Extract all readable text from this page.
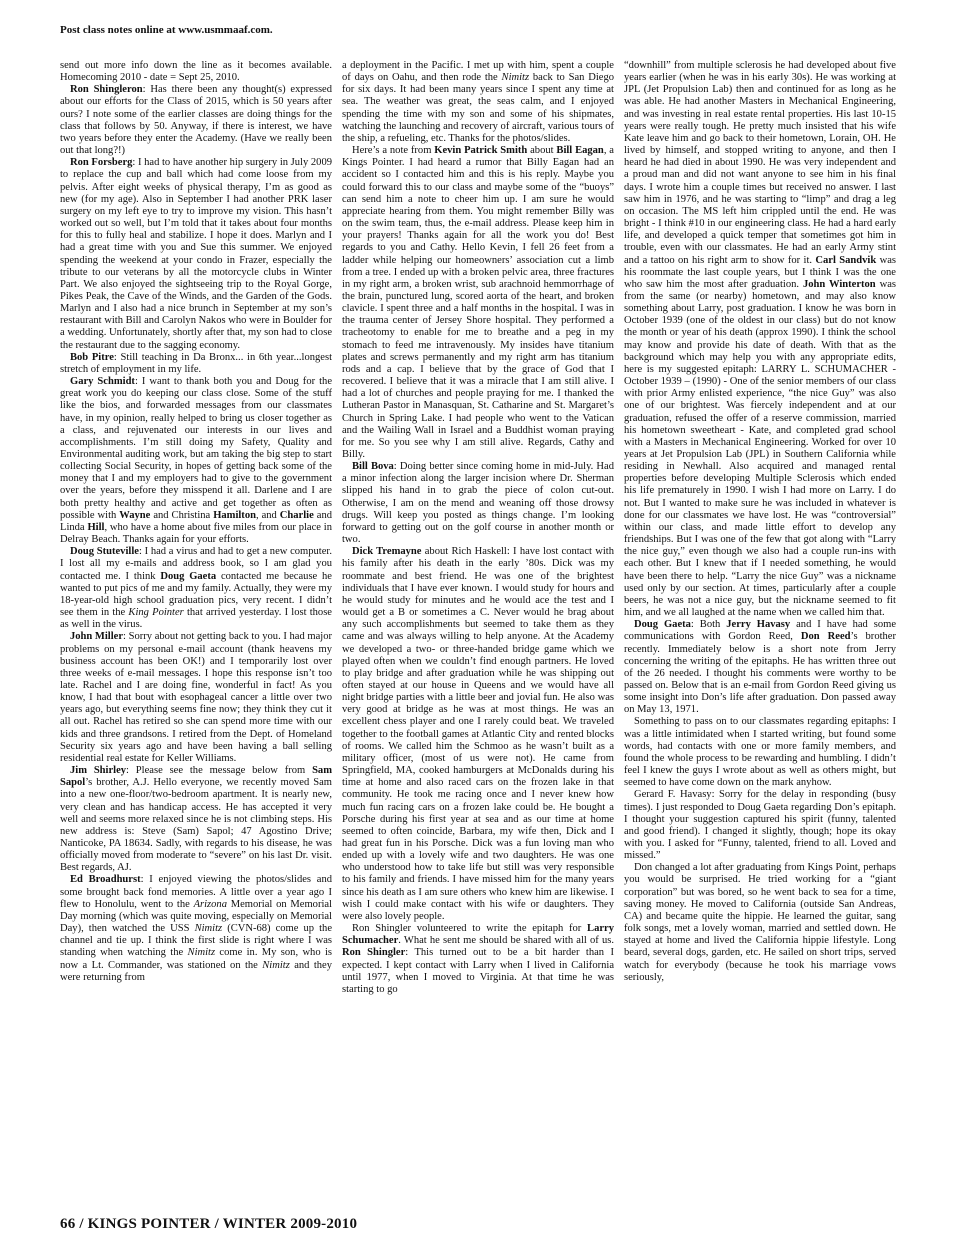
Post class notes online at www.usmmaaf.com.

send out more info down the line as it becomes available. Homecoming 2010 - date = Sept 25, 2010.

Ron Shingleron: Has there been any thought(s) expressed about our efforts for the Class of 2015, which is 50 years after ours? I note some of the earlier classes are doing things for the class that follows by 50. Anyway, if there is interest, we have two years before they enter the Academy. (Have we really been out that long?!)

Ron Forsberg: I had to have another hip surgery in July 2009 to replace the cup and ball which had come loose from my pelvis. After eight weeks of physical therapy, I’m as good as new (for my age). Also in September I had another PRK laser surgery on my left eye to try to improve my vision. This hasn’t worked out so well, but I’m told that it takes about four months for this to fully heal and stabilize. I hope it does. Marlyn and I had a great time with you and Sue this summer. We enjoyed spending the weekend at your condo in Frazer, especially the tribute to our veterans by all the motorcycle clubs in Winter Part. We also enjoyed the sightseeing trip to the Royal Gorge, Pikes Peak, the Cave of the Winds, and the Garden of the Gods. Marlyn and I also had a nice brunch in September at my son’s restaurant with Bill and Carolyn Nakos who were in Boulder for a wedding. Unfortunately, shortly after that, my son had to close the restaurant due to the sagging economy.

Bob Pitre: Still teaching in Da Bronx... in 6th year...longest stretch of employment in my life.

Gary Schmidt: I want to thank both you and Doug for the great work you do keeping our class close. Some of the stuff like the bios, and forwarded messages from our classmates have, in my opinion, really helped to bring us closer together as a class, and rejuvenated our interests in our lives and accomplishments. I’m still doing my Safety, Quality and Environmental auditing work, but am taking the big step to start collecting Social Security, in hopes of getting back some of the money that I and my employers had to give to the government over the years, before they misspend it all. Darlene and I are both pretty healthy and active and get together as often as possible with Wayne and Christina Hamilton, and Charlie and Linda Hill, who have a home about five miles from our place in Delray Beach. Thanks again for your efforts.

Doug Stuteville: I had a virus and had to get a new computer. I lost all my e-mails and address book, so I am glad you contacted me. I think Doug Gaeta contacted me because he wanted to put pics of me and my family. Actually, they were my 18-year-old high school graduation pics, very recent. I didn’t see them in the King Pointer that arrived yesterday. I lost those as well in the virus.

John Miller: Sorry about not getting back to you. I had major problems on my personal e-mail account (thank heavens my business account has been OK!) and I temporarily lost over three weeks of e-mail messages. I hope this response isn’t too late. Rachel and I are doing fine, wonderful in fact! As you know, I had that bout with esophageal cancer a little over two years ago, but everything seems fine now; they think they cut it all out. Rachel has retired so she can spend more time with our kids and three grandsons. I retired from the Dept. of Homeland Security six years ago and have been having a ball selling residential real estate for Keller Williams.

Jim Shirley: Please see the message below from Sam Sapol’s brother, A.J. Hello everyone, we recently moved Sam into a new one-floor/two-bedroom apartment. It is nearly new, very clean and has handicap access. He has accepted it very well and seems more relaxed since he is not climbing steps. His new address is: Steve (Sam) Sapol; 47 Agostino Drive; Nanticoke, PA 18634. Sadly, with regards to his disease, he was officially moved from moderate to “severe” on his last Dr. visit. Best regards, AJ.

Ed Broadhurst: I enjoyed viewing the photos/slides and some brought back fond memories. A little over a year ago I flew to Honolulu, went to the Arizona Memorial on Memorial Day morning (which was quite moving, especially on Memorial Day), then watched the USS Nimitz (CVN-68) come up the channel and tie up. I think the first slide is right where I was standing when watching the Nimitz come in. My son, who is now a Lt. Commander, was stationed on the Nimitz and they were returning from

a deployment in the Pacific. I met up with him, spent a couple of days on Oahu, and then rode the Nimitz back to San Diego for six days. It had been many years since I spent any time at sea. The weather was great, the seas calm, and I enjoyed spending the time with my son and some of his shipmates, watching the launching and recovery of aircraft, various tours of the ship, a refueling, etc. Thanks for the photos/slides.

Here’s a note from Kevin Patrick Smith about Bill Eagan, a Kings Pointer. I had heard a rumor that Billy Eagan had an accident so I contacted him and this is his reply. Maybe you could forward this to our class and maybe some of the “buoys” can send him a note to cheer him up. I am sure he would appreciate hearing from them. You might remember Billy was on the swim team, thus, the e-mail address. Please keep him in your prayers! Thanks again for all the work you do! Best regards to you and Cathy. Hello Kevin, I fell 26 feet from a ladder while helping our homeowners’ association cut a limb from a tree. I ended up with a broken pelvic area, three fractures in my right arm, a broken wrist, sub arachnoid hemmorrhage of the brain, punctured lung, scored aorta of the heart, and broken clavicle. I spent three and a half months in the hospital. I was in the trauma center of Jersey Shore hospital. They performed a tracheotomy to enable for me to breathe and a peg in my stomach to feed me intravenously. My insides have titanium plates and screws permanently and my right arm has titanium rods and a cap. I believe that by the grace of God that I recovered. I believe that it was a miracle that I am still alive. I had a lot of churches and people praying for me. I thanked the Lutheran Pastor in Manasquan, St. Catharine and St. Margaret’s Church in Spring Lake. I had people who went to the Vatican and the Wailing Wall in Israel and a Buddhist woman praying for me. So you see why I am still alive. Regards, Cathy and Billy.

Bill Bova: Doing better since coming home in mid-July. Had a minor infection along the larger incision where Dr. Sherman slipped his hand in to grab the piece of colon cut-out. Otherwise, I am on the mend and weaning off those drowsy drugs. Will keep you posted as things change. I’m looking forward to getting out on the golf course in another month or two.

Dick Tremayne about Rich Haskell: I have lost contact with his family after his death in the early ’80s. Dick was my roommate and best friend. He was one of the brightest individuals that I have ever known. I would study for hours and he would study for minutes and he would ace the test and I would get a B or sometimes a C. Never would he brag about any such accomplishments but seemed to take them as they came and was always willing to help anyone. At the Academy we developed a two- or three-handed bridge game which we played often when we couldn’t find enough partners. He loved to play bridge and after graduation while he was shipping out often stayed at our house in Queens and we would have all night bridge parties with a little beer and jovial fun. He also was very good at bridge as he was at most things. He was an excellent chess player and one I rarely could beat. We traveled together to the football games at Atlantic City and rented blocks of rooms. We called him the Schmoo as he wasn’t built as a military officer, (most of us were not). He came from Springfield, MA, cooked hamburgers at McDonalds during his time at home and also raced cars on the frozen lake in that community. He took me racing once and I never knew how much fun racing cars on a frozen lake could be. He bought a Porsche during his first year at sea and as our time at home seemed to often coincide, Barbara, my wife then, Dick and I had great fun in his Porsche. Dick was a fun loving man who ended up with a lovely wife and two daughters. He was one who understood how to take life but still was very responsible to his family and friends. I have missed him for the many years since his death as I am sure others who knew him are likewise. I wish I could make contact with his wife or daughters. They were also lovely people.

Ron Shingler volunteered to write the epitaph for Larry Schumacher. What he sent me should be shared with all of us. Ron Shingler: This turned out to be a bit harder than I expected. I kept contact with Larry when I lived in California until 1977, when I moved to Virginia. At that time he was starting to go

“downhill” from multiple sclerosis he had developed about five years earlier (when he was in his early 30s). He was working at JPL (Jet Propulsion Lab) then and continued for as long as he was able. He had another Masters in Mechanical Engineering, and was investing in real estate rental properties. His last 10-15 years were really tough. He pretty much insisted that his wife Kate leave him and go back to their hometown, Lorain, OH. He lived by himself, and stopped writing to anyone, and then I heard he had died in about 1990. He was very independent and a proud man and did not want anyone to see him in his final days. I wrote him a couple times but received no answer. I last saw him in 1976, and he was starting to “limp” and drag a leg on occasion. The MS left him crippled until the end. He was bright - I think #10 in our engineering class. He had a hard early life, and developed a quick temper that sometimes got him in trouble, even with our classmates. He had an early Army stint and a tattoo on his right arm to show for it. Carl Sandvik was his roommate the last couple years, but I think I was the one who saw him the most after graduation. John Winterton was from the same (or nearby) hometown, and may also know something about Larry, post graduation. I know he was born in October 1939 (one of the oldest in our class) but do not know the month or year of his death (approx 1990). I think the school may know and provide his date of death. With that as the background which may help you with any appropriate edits, here is my suggested epitaph: LARRY L. SCHUMACHER - October 1939 – (1990) - One of the senior members of our class with prior Army enlisted experience, “the nice Guy” was also one of our brightest. Was fiercely independent and at our graduation, refused the offer of a reserve commission, married his hometown sweetheart - Kate, and completed grad school with a Masters in Mechanical Engineering. Worked for over 10 years at Jet Propulsion Lab (JPL) in Southern California while residing in Newhall. Also acquired and managed rental properties before developing Multiple Sclerosis which ended his life prematurely in 1990. I wish I had more on Larry. I do not. But I wanted to make sure he was included in whatever is done for our classmates we have lost. He was “controversial” within our class, and made little effort to develop any friendships. But I was one of the few that got along with “Larry the nice guy,” even though we also had a couple run-ins with each other. But I knew that if I needed something, he would have been there to help. “Larry the nice Guy” was a nickname used only by our section. At times, particularly after a couple beers, he was not a nice guy, but the nickname seemed to fit him, and we all laughed at the name when we called him that.

Doug Gaeta: Both Jerry Havasy and I have had some communications with Gordon Reed, Don Reed’s brother recently. Immediately below is a short note from Jerry concerning the writing of the epitaphs. He has written three out of the 26 needed. I thought his comments were worthy to be passed on. Below that is an e-mail from Gordon Reed giving us some insight into Don’s life after graduation. Don passed away on May 13, 1971.

Something to pass on to our classmates regarding epitaphs: I was a little intimidated when I started writing, but found some words, had contacts with one or more family members, and found the whole process to be rewarding and humbling. I didn’t feel I knew the guys I wrote about as well as others might, but seemed to have come down on the mark anyhow.

Gerard F. Havasy: Sorry for the delay in responding (busy times). I just responded to Doug Gaeta regarding Don’s epitaph. I thought your suggestion captured his spirit (funny, talented and good friend). I changed it slightly, though; hope its okay with you. I asked for “Funny, talented, friend to all. Loved and missed.”

Don changed a lot after graduating from Kings Point, perhaps you would be surprised. He tried working for a “giant corporation” but was bored, so he went back to sea for a time, saving money. He moved to California (outside San Andreas, CA) and became quite the hippie. He learned the guitar, sang folk songs, met a lovely woman, married and settled down. He stayed at home and lived the California hippie lifestyle. Long beard, several dogs, garden, etc. He sailed on short trips, served watch for everybody (because he took his marriage vows seriously,

66 / KINGS POINTER / WINTER 2009-2010
